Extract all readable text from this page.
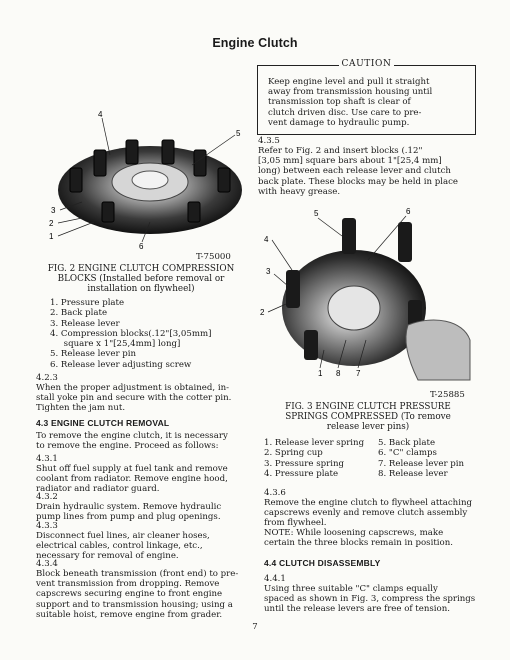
Engine Clutch
4
5
3
2
1
6
T-75000
FIG. 2 ENGINE CLUTCH COMPRESSION
BLOCKS (Installed before removal or
installation on flywheel)
1. Pressure plate
2. Back plate
3. Release lever
4. Compression blocks(.12"[3,05mm]
square x 1"[25,4mm] long]
5. Release lever pin
6. Release lever adjusting screw
4.2.3
When the proper adjustment is obtained, in-
stall yoke pin and secure with the cotter pin.
Tighten the jam nut.
4.3 ENGINE CLUTCH REMOVAL
To remove the engine clutch, it is necessary
to remove the engine. Proceed as follows:
4.3.1
Shut off fuel supply at fuel tank and remove
coolant from radiator. Remove engine hood,
radiator and radiator guard.
4.3.2
Drain hydraulic system. Remove hydraulic
pump lines from pump and plug openings.
4.3.3
Disconnect fuel lines, air cleaner hoses,
electrical cables, control linkage, etc.,
necessary for removal of engine.
4.3.4
Block beneath transmission (front end) to pre-
vent transmission from dropping. Remove
capscrews securing engine to front engine
support and to transmission housing; using a
suitable hoist, remove engine from grader.
CAUTION
Keep engine level and pull it straight
away from transmission housing until
transmission top shaft is clear of
clutch driven disc. Use care to pre-
vent damage to hydraulic pump.
4.3.5
Refer to Fig. 2 and insert blocks (.12"
[3,05 mm] square bars about 1"[25,4 mm]
long) between each release lever and clutch
back plate. These blocks may be held in place
with heavy grease.
5	6
4
3
2
1 8 7
T-25885
FIG. 3 ENGINE CLUTCH PRESSURE
SPRINGS COMPRESSED (To remove
release lever pins)
1. Release lever spring	5. Back plate
2. Spring cup	6. "C" clamps
3. Pressure spring	7. Release lever pin
4. Pressure plate	8. Release lever
4.3.6
Remove the engine clutch to flywheel attaching
capscrews evenly and remove clutch assembly
from flywheel.
NOTE: While loosening capscrews, make
certain the three blocks remain in position.
4.4 CLUTCH DISASSEMBLY
4.4.1
Using three suitable "C" clamps equally
spaced as shown in Fig. 3, compress the springs
until the release levers are free of tension.
7
